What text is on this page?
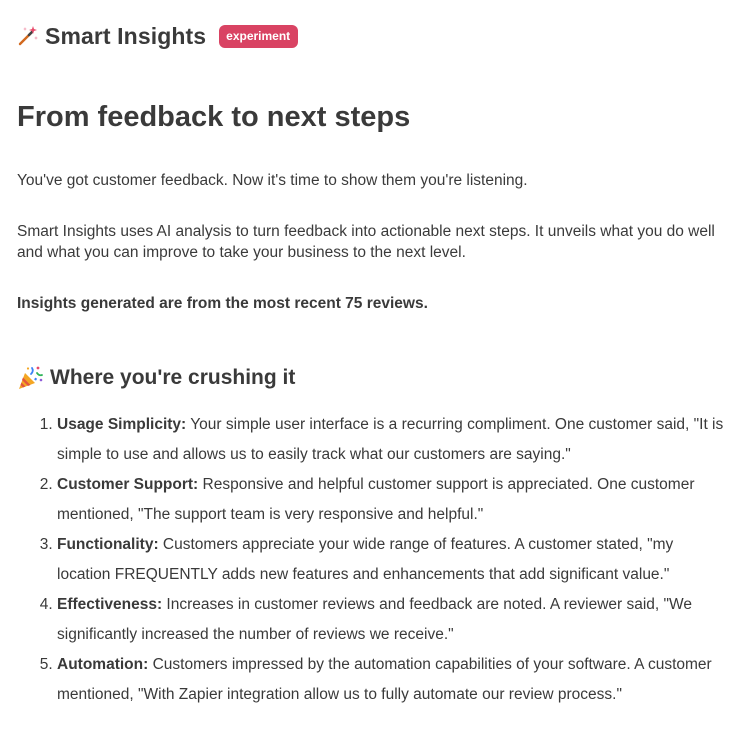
Smart Insights	experiment
From feedback to next steps

You've got customer feedback. Now it's time to show them you're listening.

Smart Insights uses AI analysis to turn feedback into actionable next steps. It unveils what you do well and what you can improve to take your business to the next level.

Insights generated are from the most recent 75 reviews.

Where you're crushing it
1. Usage Simplicity: Your simple user interface is a recurring compliment. One customer said, "It is simple to use and allows us to easily track what our customers are saying."
2. Customer Support: Responsive and helpful customer support is appreciated. One customer mentioned, "The support team is very responsive and helpful."
3. Functionality: Customers appreciate your wide range of features. A customer stated, "my location FREQUENTLY adds new features and enhancements that add significant value."
4. Effectiveness: Increases in customer reviews and feedback are noted. A reviewer said, "We significantly increased the number of reviews we receive."
5. Automation: Customers impressed by the automation capabilities of your software. A customer mentioned, "With Zapier integration allow us to fully automate our review process."
